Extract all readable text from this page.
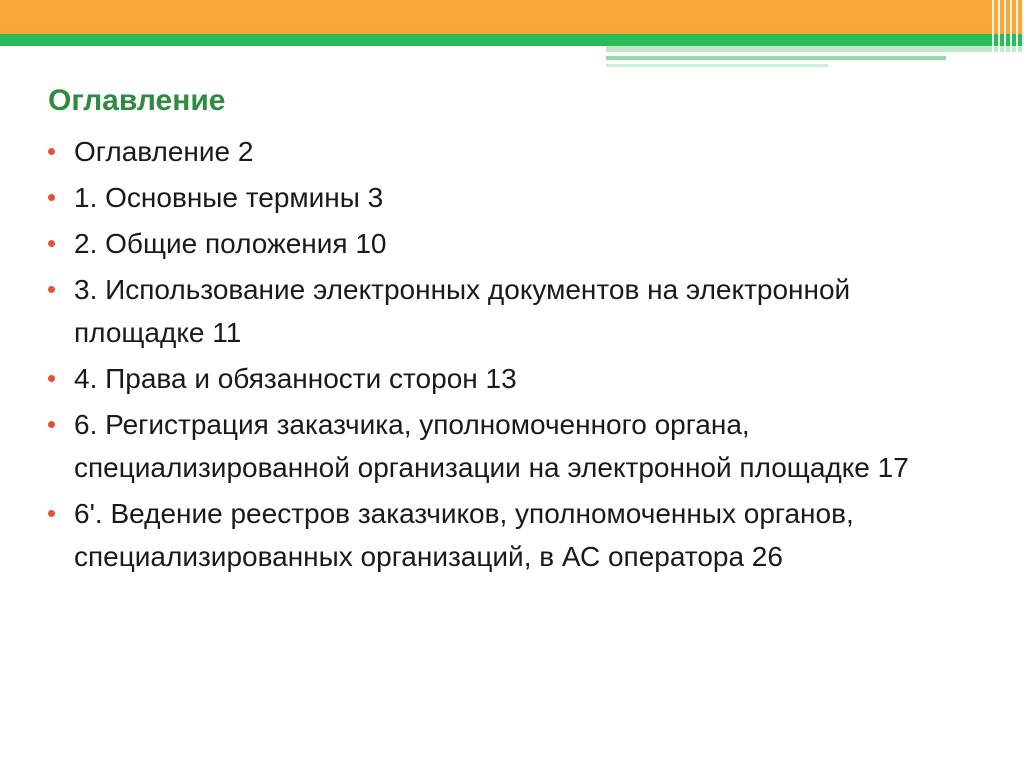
Оглавление
Оглавление 2
1. Основные термины 3
2. Общие положения 10
3. Использование электронных документов на электронной площадке 11
4. Права и обязанности сторон 13
6. Регистрация заказчика, уполномоченного органа, специализированной организации на электронной площадке 17
6'. Ведение реестров заказчиков, уполномоченных органов, специализированных организаций, в АС оператора 26
